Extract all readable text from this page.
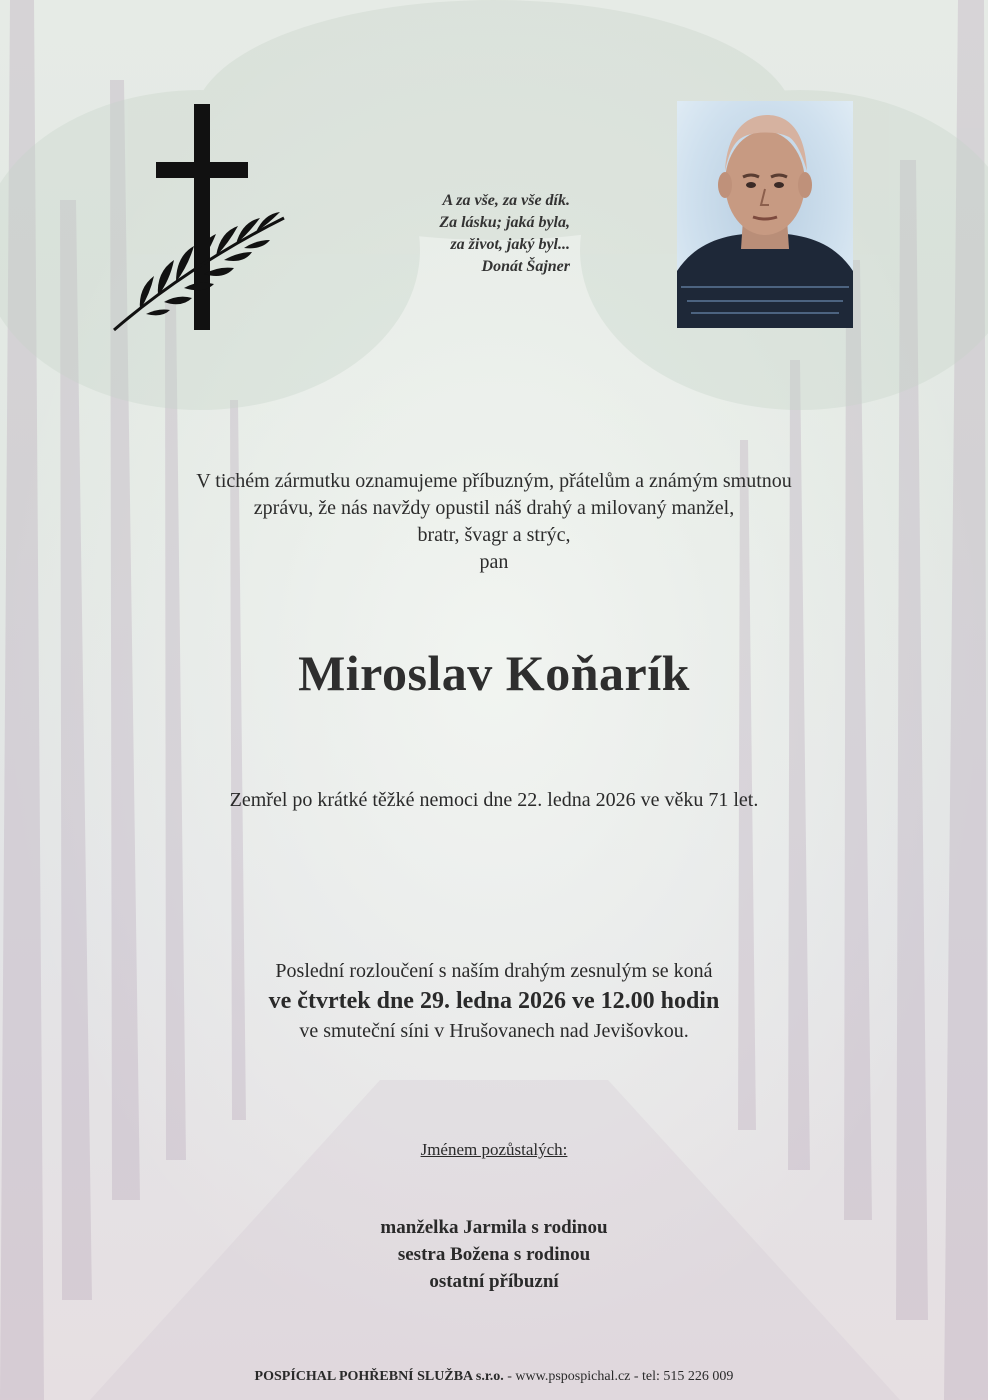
A za vše, za vše dík.
Za lásku; jaká byla,
za život, jaký byl...
Donát Šajner
V tichém zármutku oznamujeme příbuzným, přátelům a známým smutnou
zprávu, že nás navždy opustil náš drahý a milovaný manžel,
bratr, švagr a strýc,
pan
Miroslav Koňarík
Zemřel po krátké těžké nemoci dne 22. ledna 2026 ve věku 71 let.
Poslední rozloučení s naším drahým zesnulým se koná
ve čtvrtek dne 29. ledna 2026 ve 12.00 hodin
ve smuteční síni v Hrušovanech nad Jevišovkou.
Jménem pozůstalých:
manželka Jarmila s rodinou
sestra Božena s rodinou
ostatní příbuzní
POSPÍCHAL POHŘEBNÍ SLUŽBA s.r.o. - www.pspospichal.cz - tel: 515 226 009
